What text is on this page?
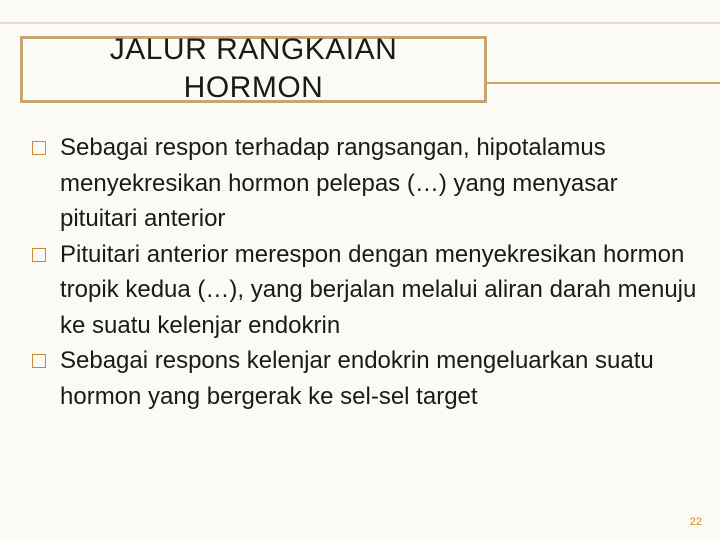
JALUR RANGKAIAN
HORMON
Sebagai respon terhadap rangsangan, hipotalamus menyekresikan hormon pelepas (…) yang menyasar pituitari anterior
Pituitari anterior merespon dengan menyekresikan hormon tropik kedua (…), yang berjalan melalui aliran darah menuju ke suatu kelenjar endokrin
Sebagai respons kelenjar endokrin mengeluarkan suatu hormon yang bergerak ke sel-sel target
22
